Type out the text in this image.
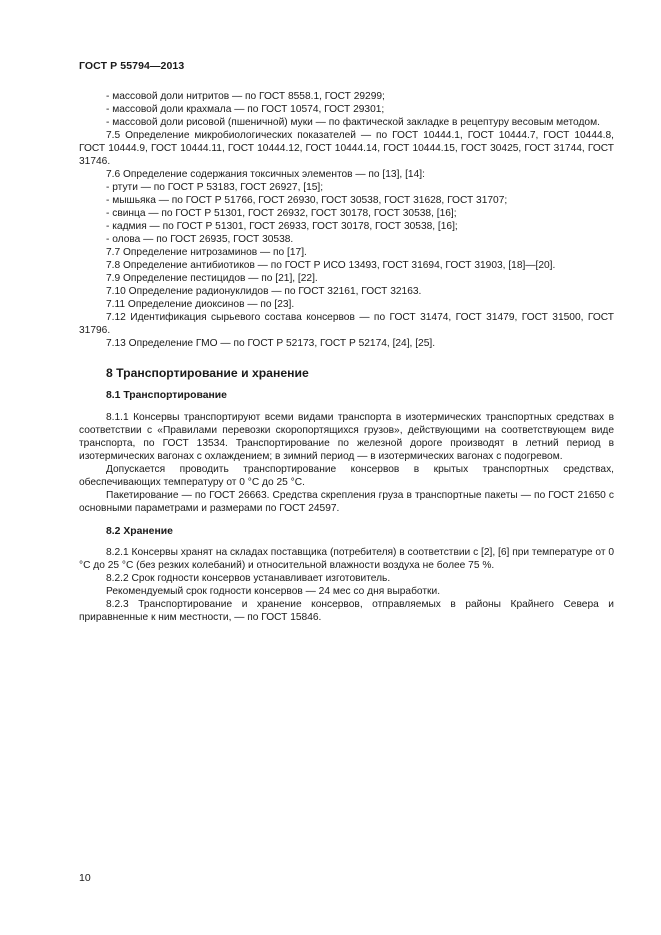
ГОСТ Р 55794—2013

- массовой доли нитритов — по ГОСТ 8558.1, ГОСТ 29299;

- массовой доли крахмала — по ГОСТ 10574, ГОСТ 29301;

- массовой доли рисовой (пшеничной) муки — по фактической закладке в рецептуру весовым методом.

7.5 Определение микробиологических показателей — по ГОСТ 10444.1, ГОСТ 10444.7, ГОСТ 10444.8, ГОСТ 10444.9, ГОСТ 10444.11, ГОСТ 10444.12, ГОСТ 10444.14, ГОСТ 10444.15, ГОСТ 30425, ГОСТ 31744, ГОСТ 31746.

7.6 Определение содержания токсичных элементов — по [13], [14]:

- ртути — по ГОСТ Р 53183, ГОСТ 26927, [15];

- мышьяка — по ГОСТ Р 51766, ГОСТ 26930, ГОСТ 30538, ГОСТ 31628, ГОСТ 31707;

- свинца — по ГОСТ Р 51301, ГОСТ 26932, ГОСТ 30178, ГОСТ 30538, [16];

- кадмия — по ГОСТ Р 51301, ГОСТ 26933, ГОСТ 30178, ГОСТ 30538, [16];

- олова — по ГОСТ 26935, ГОСТ 30538.

7.7 Определение нитрозаминов — по [17].

7.8 Определение антибиотиков — по ГОСТ Р ИСО 13493, ГОСТ 31694, ГОСТ 31903, [18]—[20].

7.9 Определение пестицидов — по [21], [22].

7.10 Определение радионуклидов — по ГОСТ 32161, ГОСТ 32163.

7.11 Определение диоксинов — по [23].

7.12 Идентификация сырьевого состава консервов — по ГОСТ 31474, ГОСТ 31479, ГОСТ 31500, ГОСТ 31796.

7.13 Определение ГМО — по ГОСТ Р 52173, ГОСТ Р 52174, [24], [25].

8 Транспортирование и хранение
8.1 Транспортирование

8.1.1 Консервы транспортируют всеми видами транспорта в изотермических транспортных средствах в соответствии с «Правилами перевозки скоропортящихся грузов», действующими на соответствующем виде транспорта, по ГОСТ 13534. Транспортирование по железной дороге производят в летний период в изотермических вагонах с охлаждением; в зимний период — в изотермических вагонах с подогревом.

Допускается проводить транспортирование консервов в крытых транспортных средствах, обеспечивающих температуру от 0 °C до 25 °C.

Пакетирование — по ГОСТ 26663. Средства скрепления груза в транспортные пакеты — по ГОСТ 21650 с основными параметрами и размерами по ГОСТ 24597.

8.2 Хранение

8.2.1 Консервы хранят на складах поставщика (потребителя) в соответствии с [2], [6] при температуре от 0 °C до 25 °C (без резких колебаний) и относительной влажности воздуха не более 75 %.

8.2.2 Срок годности консервов устанавливает изготовитель.

Рекомендуемый срок годности консервов — 24 мес со дня выработки.

8.2.3 Транспортирование и хранение консервов, отправляемых в районы Крайнего Севера и приравненные к ним местности, — по ГОСТ 15846.

10
